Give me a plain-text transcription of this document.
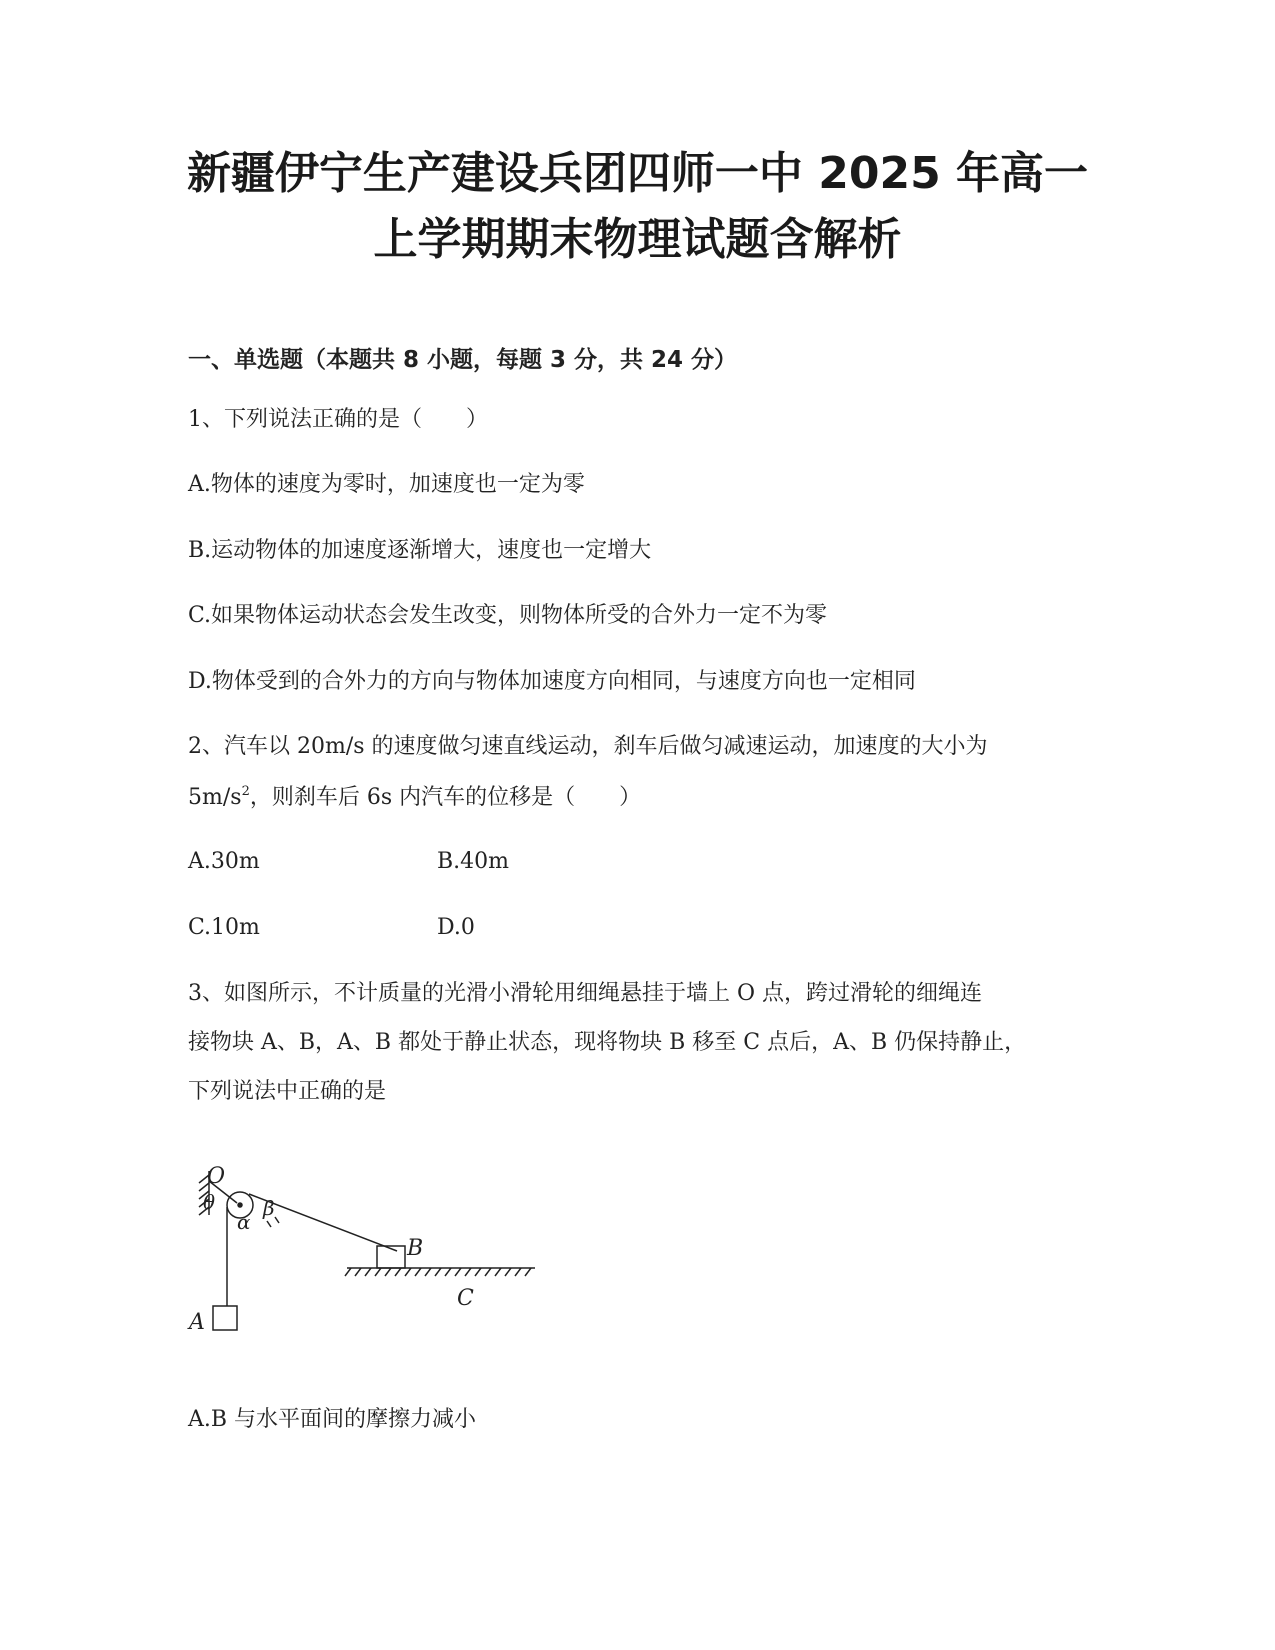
新疆伊宁生产建设兵团四师一中 2025 年高一
上学期期末物理试题含解析
一、单选题（本题共 8 小题，每题 3 分，共 24 分）
1、下列说法正确的是（　　）
A.物体的速度为零时，加速度也一定为零
B.运动物体的加速度逐渐增大，速度也一定增大
C.如果物体运动状态会发生改变，则物体所受的合外力一定不为零
D.物体受到的合外力的方向与物体加速度方向相同，与速度方向也一定相同
2、汽车以 20m/s 的速度做匀速直线运动，刹车后做匀减速运动，加速度的大小为
$5m/s^2$，则刹车后 6s 内汽车的位移是（　　）
A.30m	B.40m
C.10m	D.0
3、如图所示，不计质量的光滑小滑轮用细绳悬挂于墙上 O 点，跨过滑轮的细绳连
接物块 A、B，A、B 都处于静止状态，现将物块 B 移至 C 点后，A、B 仍保持静止，
下列说法中正确的是
O
θ
α
β
B
C
A
A.B 与水平面间的摩擦力减小
